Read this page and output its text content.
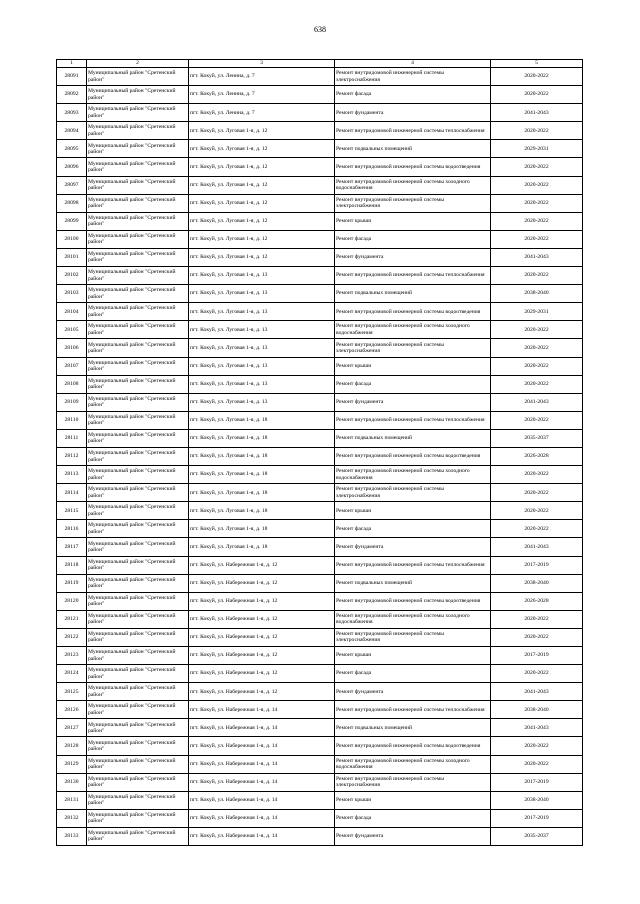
638
1	2	3	4	5
28091	Муниципальный район "Сретенский район"	пгт. Кокуй, ул. Ленина, д. 7	Ремонт внутридомовой инженерной системы электроснабжения	2020-2022
28092	Муниципальный район "Сретенский район"	пгт. Кокуй, ул. Ленина, д. 7	Ремонт фасада	2020-2022
28093	Муниципальный район "Сретенский район"	пгт. Кокуй, ул. Ленина, д. 7	Ремонт фундамента	2041-2043
28094	Муниципальный район "Сретенский район"	пгт. Кокуй, ул. Луговая 1-я, д. 12	Ремонт внутридомовой инженерной системы теплоснабжения	2020-2022
28095	Муниципальный район "Сретенский район"	пгт. Кокуй, ул. Луговая 1-я, д. 12	Ремонт подвальных помещений	2029-2031
28096	Муниципальный район "Сретенский район"	пгт. Кокуй, ул. Луговая 1-я, д. 12	Ремонт внутридомовой инженерной системы водоотведения	2020-2022
28097	Муниципальный район "Сретенский район"	пгт. Кокуй, ул. Луговая 1-я, д. 12	Ремонт внутридомовой инженерной системы холодного водоснабжения	2020-2022
28098	Муниципальный район "Сретенский район"	пгт. Кокуй, ул. Луговая 1-я, д. 12	Ремонт внутридомовой инженерной системы электроснабжения	2020-2022
28099	Муниципальный район "Сретенский район"	пгт. Кокуй, ул. Луговая 1-я, д. 12	Ремонт крыши	2020-2022
28100	Муниципальный район "Сретенский район"	пгт. Кокуй, ул. Луговая 1-я, д. 12	Ремонт фасада	2020-2022
28101	Муниципальный район "Сретенский район"	пгт. Кокуй, ул. Луговая 1-я, д. 12	Ремонт фундамента	2041-2043
28102	Муниципальный район "Сретенский район"	пгт. Кокуй, ул. Луговая 1-я, д. 13	Ремонт внутридомовой инженерной системы теплоснабжения	2020-2022
28103	Муниципальный район "Сретенский район"	пгт. Кокуй, ул. Луговая 1-я, д. 13	Ремонт подвальных помещений	2038-2040
28104	Муниципальный район "Сретенский район"	пгт. Кокуй, ул. Луговая 1-я, д. 13	Ремонт внутридомовой инженерной системы водоотведения	2029-2031
28105	Муниципальный район "Сретенский район"	пгт. Кокуй, ул. Луговая 1-я, д. 13	Ремонт внутридомовой инженерной системы холодного водоснабжения	2020-2022
28106	Муниципальный район "Сретенский район"	пгт. Кокуй, ул. Луговая 1-я, д. 13	Ремонт внутридомовой инженерной системы электроснабжения	2020-2022
28107	Муниципальный район "Сретенский район"	пгт. Кокуй, ул. Луговая 1-я, д. 13	Ремонт крыши	2020-2022
28108	Муниципальный район "Сретенский район"	пгт. Кокуй, ул. Луговая 1-я, д. 13	Ремонт фасада	2020-2022
28109	Муниципальный район "Сретенский район"	пгт. Кокуй, ул. Луговая 1-я, д. 13	Ремонт фундамента	2041-2043
28110	Муниципальный район "Сретенский район"	пгт. Кокуй, ул. Луговая 1-я, д. 18	Ремонт внутридомовой инженерной системы теплоснабжения	2020-2022
28111	Муниципальный район "Сретенский район"	пгт. Кокуй, ул. Луговая 1-я, д. 18	Ремонт подвальных помещений	2035-2037
28112	Муниципальный район "Сретенский район"	пгт. Кокуй, ул. Луговая 1-я, д. 18	Ремонт внутридомовой инженерной системы водоотведения	2026-2028
28113	Муниципальный район "Сретенский район"	пгт. Кокуй, ул. Луговая 1-я, д. 18	Ремонт внутридомовой инженерной системы холодного водоснабжения	2020-2022
28114	Муниципальный район "Сретенский район"	пгт. Кокуй, ул. Луговая 1-я, д. 18	Ремонт внутридомовой инженерной системы электроснабжения	2020-2022
28115	Муниципальный район "Сретенский район"	пгт. Кокуй, ул. Луговая 1-я, д. 18	Ремонт крыши	2020-2022
28116	Муниципальный район "Сретенский район"	пгт. Кокуй, ул. Луговая 1-я, д. 18	Ремонт фасада	2020-2022
28117	Муниципальный район "Сретенский район"	пгт. Кокуй, ул. Луговая 1-я, д. 18	Ремонт фундамента	2041-2043
28118	Муниципальный район "Сретенский район"	пгт. Кокуй, ул. Набережная 1-я, д. 12	Ремонт внутридомовой инженерной системы теплоснабжения	2017-2019
28119	Муниципальный район "Сретенский район"	пгт. Кокуй, ул. Набережная 1-я, д. 12	Ремонт подвальных помещений	2038-2040
28120	Муниципальный район "Сретенский район"	пгт. Кокуй, ул. Набережная 1-я, д. 12	Ремонт внутридомовой инженерной системы водоотведения	2026-2028
28121	Муниципальный район "Сретенский район"	пгт. Кокуй, ул. Набережная 1-я, д. 12	Ремонт внутридомовой инженерной системы холодного водоснабжения	2020-2022
28122	Муниципальный район "Сретенский район"	пгт. Кокуй, ул. Набережная 1-я, д. 12	Ремонт внутридомовой инженерной системы электроснабжения	2020-2022
28123	Муниципальный район "Сретенский район"	пгт. Кокуй, ул. Набережная 1-я, д. 12	Ремонт крыши	2017-2019
28124	Муниципальный район "Сретенский район"	пгт. Кокуй, ул. Набережная 1-я, д. 12	Ремонт фасада	2020-2022
28125	Муниципальный район "Сретенский район"	пгт. Кокуй, ул. Набережная 1-я, д. 12	Ремонт фундамента	2041-2043
28126	Муниципальный район "Сретенский район"	пгт. Кокуй, ул. Набережная 1-я, д. 14	Ремонт внутридомовой инженерной системы теплоснабжения	2038-2040
28127	Муниципальный район "Сретенский район"	пгт. Кокуй, ул. Набережная 1-я, д. 14	Ремонт подвальных помещений	2041-2043
28128	Муниципальный район "Сретенский район"	пгт. Кокуй, ул. Набережная 1-я, д. 14	Ремонт внутридомовой инженерной системы водоотведения	2020-2022
28129	Муниципальный район "Сретенский район"	пгт. Кокуй, ул. Набережная 1-я, д. 14	Ремонт внутридомовой инженерной системы холодного водоснабжения	2020-2022
28130	Муниципальный район "Сретенский район"	пгт. Кокуй, ул. Набережная 1-я, д. 14	Ремонт внутридомовой инженерной системы электроснабжения	2017-2019
28131	Муниципальный район "Сретенский район"	пгт. Кокуй, ул. Набережная 1-я, д. 14	Ремонт крыши	2038-2040
28132	Муниципальный район "Сретенский район"	пгт. Кокуй, ул. Набережная 1-я, д. 14	Ремонт фасада	2017-2019
28133	Муниципальный район "Сретенский район"	пгт. Кокуй, ул. Набережная 1-я, д. 14	Ремонт фундамента	2035-2037
